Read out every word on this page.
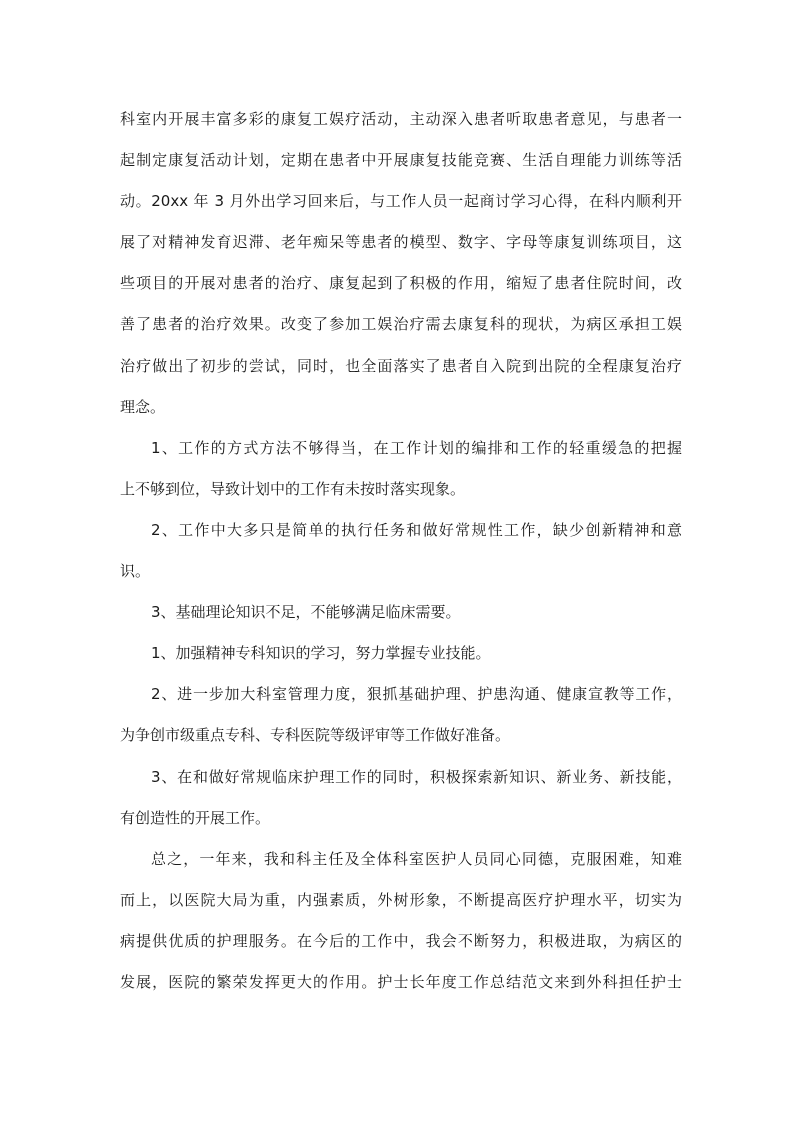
科室内开展丰富多彩的康复工娱疗活动，主动深入患者听取患者意见，与患者一

起制定康复活动计划，定期在患者中开展康复技能竞赛、生活自理能力训练等活

动。20xx 年 3 月外出学习回来后，与工作人员一起商讨学习心得，在科内顺利开

展了对精神发育迟滞、老年痴呆等患者的模型、数字、字母等康复训练项目，这

些项目的开展对患者的治疗、康复起到了积极的作用，缩短了患者住院时间，改

善了患者的治疗效果。改变了参加工娱治疗需去康复科的现状，为病区承担工娱

治疗做出了初步的尝试，同时，也全面落实了患者自入院到出院的全程康复治疗

理念。

1、工作的方式方法不够得当，在工作计划的编排和工作的轻重缓急的把握

上不够到位，导致计划中的工作有未按时落实现象。

2、工作中大多只是简单的执行任务和做好常规性工作，缺少创新精神和意

识。

3、基础理论知识不足，不能够满足临床需要。

1、加强精神专科知识的学习，努力掌握专业技能。

2、进一步加大科室管理力度，狠抓基础护理、护患沟通、健康宣教等工作，

为争创市级重点专科、专科医院等级评审等工作做好准备。

3、在和做好常规临床护理工作的同时，积极探索新知识、新业务、新技能，

有创造性的开展工作。

总之，一年来，我和科主任及全体科室医护人员同心同德，克服困难，知难

而上，以医院大局为重，内强素质，外树形象，不断提高医疗护理水平，切实为

病提供优质的护理服务。在今后的工作中，我会不断努力，积极进取，为病区的

发展，医院的繁荣发挥更大的作用。护士长年度工作总结范文来到外科担任护士
